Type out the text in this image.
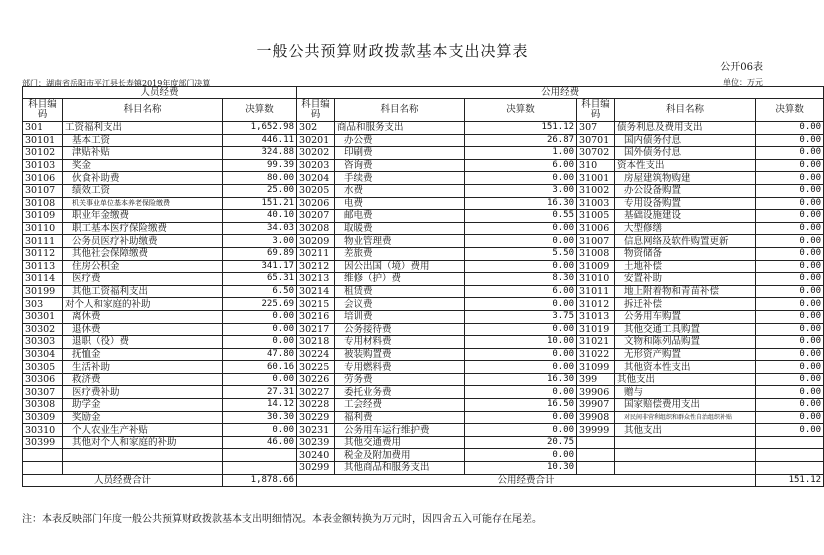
一般公共预算财政拨款基本支出决算表
公开06表
部门：湖南省岳阳市平江县长寿镇2019年度部门决算	单位：万元
人员经费			公用经费					
科目编码	科目名称	决算数	科目编码	科目名称	决算数	科目编码	科目名称	决算数
301	工资福利支出	1,652.98	302	商品和服务支出	151.12	307	债务利息及费用支出	0.00
30101	基本工资	446.11	30201	办公费	26.87	30701	国内债务付息	0.00
30102	津贴补贴	324.88	30202	印刷费	1.00	30702	国外债务付息	0.00
30103	奖金	99.39	30203	咨询费	6.00	310	资本性支出	0.00
30106	伙食补助费	80.00	30204	手续费	0.00	31001	房屋建筑物购建	0.00
30107	绩效工资	25.00	30205	水费	3.00	31002	办公设备购置	0.00
30108	机关事业单位基本养老保险缴费	151.21	30206	电费	16.30	31003	专用设备购置	0.00
30109	职业年金缴费	40.10	30207	邮电费	0.55	31005	基础设施建设	0.00
30110	职工基本医疗保险缴费	34.03	30208	取暖费	0.00	31006	大型修缮	0.00
30111	公务员医疗补助缴费	3.00	30209	物业管理费	0.00	31007	信息网络及软件购置更新	0.00
30112	其他社会保障缴费	69.89	30211	差旅费	5.50	31008	物资储备	0.00
30113	住房公积金	341.17	30212	因公出国（境）费用	0.00	31009	土地补偿	0.00
30114	医疗费	65.31	30213	维修（护）费	8.30	31010	安置补助	0.00
30199	其他工资福利支出	6.50	30214	租赁费	6.00	31011	地上附着物和青苗补偿	0.00
303	对个人和家庭的补助	225.69	30215	会议费	0.00	31012	拆迁补偿	0.00
30301	离休费	0.00	30216	培训费	3.75	31013	公务用车购置	0.00
30302	退休费	0.00	30217	公务接待费	0.00	31019	其他交通工具购置	0.00
30303	退职（役）费	0.00	30218	专用材料费	10.00	31021	文物和陈列品购置	0.00
30304	抚恤金	47.80	30224	被装购置费	0.00	31022	无形资产购置	0.00
30305	生活补助	60.16	30225	专用燃料费	0.00	31099	其他资本性支出	0.00
30306	救济费	0.00	30226	劳务费	16.30	399	其他支出	0.00
30307	医疗费补助	27.31	30227	委托业务费	0.00	39906	赠与	0.00
30308	助学金	14.12	30228	工会经费	16.50	39907	国家赔偿费用支出	0.00
30309	奖励金	30.30	30229	福利费	0.00	39908	对民间非营利组织和群众性自治组织补贴	0.00
30310	个人农业生产补贴	0.00	30231	公务用车运行维护费	0.00	39999	其他支出	0.00
30399	其他对个人和家庭的补助	46.00	30239	其他交通费用	20.75			
			30240	税金及附加费用	0.00			
			30299	其他商品和服务支出	10.30			
人员经费合计		1,878.66	公用经费合计					151.12
注：本表反映部门年度一般公共预算财政拨款基本支出明细情况。本表金额转换为万元时，因四舍五入可能存在尾差。
